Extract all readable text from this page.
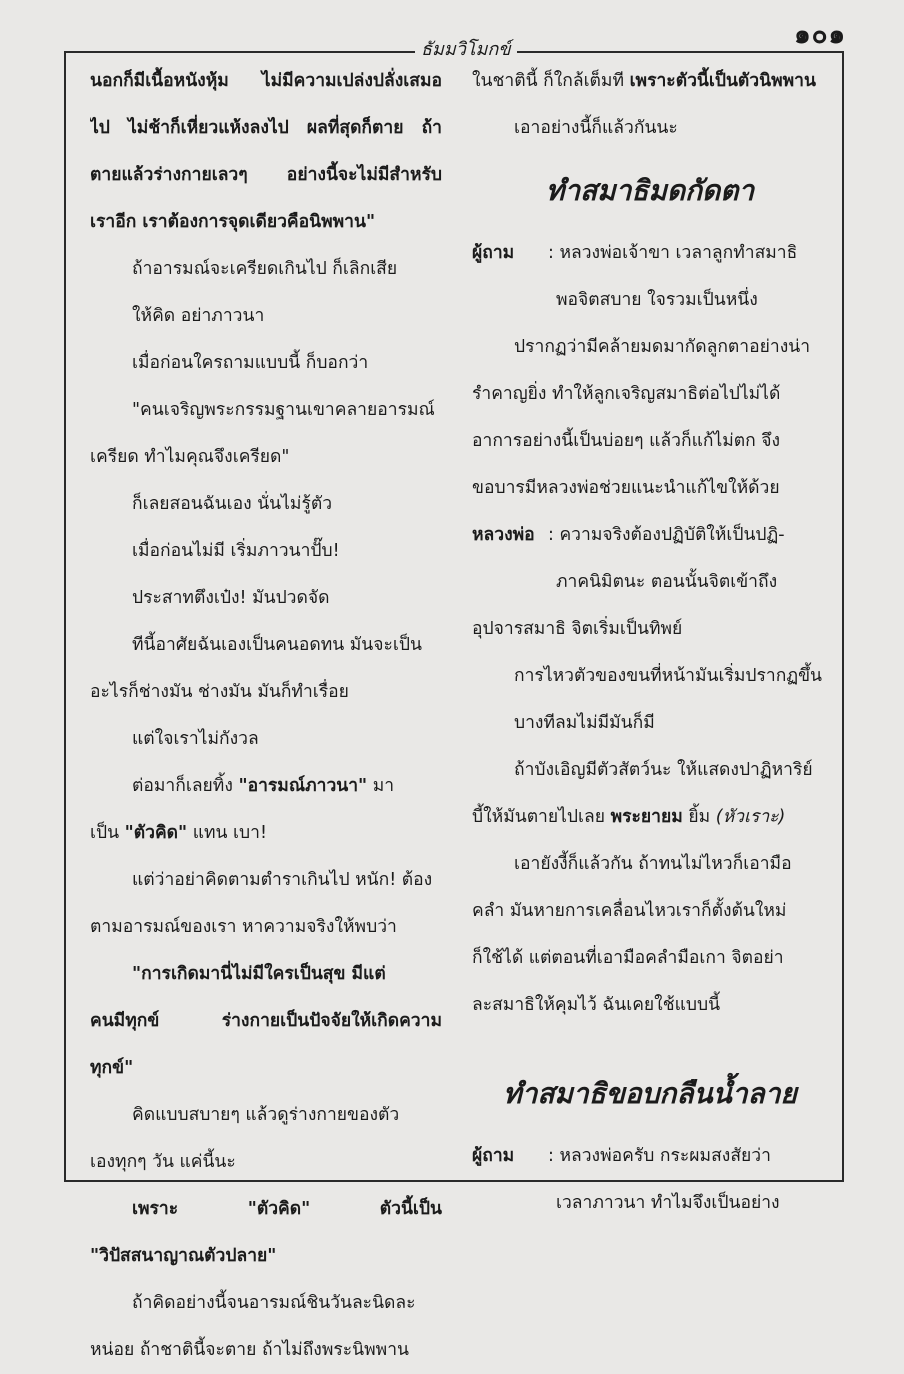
๑๐๑
ธัมมวิโมกข์
นอกก็มีเนื้อหนังหุ้ม ไม่มีความเปล่งปลั่งเสมอ
ไป ไม่ช้าก็เหี่ยวแห้งลงไป ผลที่สุดก็ตาย ถ้า
ตายแล้วร่างกายเลวๆ อย่างนี้จะไม่มีสำหรับ
เราอีก เราต้องการจุดเดียวคือนิพพาน"
ถ้าอารมณ์จะเครียดเกินไป ก็เลิกเสีย
ให้คิด อย่าภาวนา
เมื่อก่อนใครถามแบบนี้ ก็บอกว่า
"คนเจริญพระกรรมฐานเขาคลายอารมณ์
เครียด ทำไมคุณจึงเครียด"
ก็เลยสอนฉันเอง นั่นไม่รู้ตัว
เมื่อก่อนไม่มี เริ่มภาวนาปั๊บ!
ประสาทตึงเป๋ง! มันปวดจัด
ทีนี้อาศัยฉันเองเป็นคนอดทน มันจะเป็น
อะไรก็ช่างมัน ช่างมัน มันก็ทำเรื่อย
แต่ใจเราไม่กังวล
ต่อมาก็เลยทิ้ง "อารมณ์ภาวนา" มา
เป็น "ตัวคิด" แทน เบา!
แต่ว่าอย่าคิดตามตำราเกินไป หนัก! ต้อง
ตามอารมณ์ของเรา หาความจริงให้พบว่า
"การเกิดมานี่ไม่มีใครเป็นสุข มีแต่
คนมีทุกข์ ร่างกายเป็นปัจจัยให้เกิดความ
ทุกข์"
คิดแบบสบายๆ แล้วดูร่างกายของตัว
เองทุกๆ วัน แค่นี้นะ
เพราะ	"ตัวคิด"	ตัวนี้เป็น
"วิปัสสนาญาณตัวปลาย"
ถ้าคิดอย่างนี้จนอารมณ์ชินวันละนิดละ
หน่อย ถ้าชาตินี้จะตาย ถ้าไม่ถึงพระนิพพาน
ในชาตินี้ ก็ใกล้เต็มที เพราะตัวนี้เป็นตัวนิพพาน
เอาอย่างนี้ก็แล้วกันนะ
ทำสมาธิมดกัดตา
ผู้ถาม : หลวงพ่อเจ้าขา เวลาลูกทำสมาธิ
พอจิตสบาย ใจรวมเป็นหนึ่ง
ปรากฏว่ามีคล้ายมดมากัดลูกตาอย่างน่า
รำคาญยิ่ง ทำให้ลูกเจริญสมาธิต่อไปไม่ได้
อาการอย่างนี้เป็นบ่อยๆ แล้วก็แก้ไม่ตก จึง
ขอบารมีหลวงพ่อช่วยแนะนำแก้ไขให้ด้วย
หลวงพ่อ : ความจริงต้องปฏิบัติให้เป็นปฏิ-
ภาคนิมิตนะ ตอนนั้นจิตเข้าถึง
อุปจารสมาธิ จิตเริ่มเป็นทิพย์
การไหวตัวของขนที่หน้ามันเริ่มปรากฏขึ้น
บางทีลมไม่มีมันก็มี
ถ้าบังเอิญมีตัวสัตว์นะ ให้แสดงปาฏิหาริย์
บี้ให้มันตายไปเลย พระยายม ยิ้ม (หัวเราะ)
เอายังงี้ก็แล้วกัน ถ้าทนไม่ไหวก็เอามือ
คลำ มันหายการเคลื่อนไหวเราก็ตั้งต้นใหม่
ก็ใช้ได้ แต่ตอนที่เอามือคลำมือเกา จิตอย่า
ละสมาธิให้คุมไว้ ฉันเคยใช้แบบนี้
ทำสมาธิขอบกลืนน้ำลาย
ผู้ถาม : หลวงพ่อครับ กระผมสงสัยว่า
เวลาภาวนา ทำไมจึงเป็นอย่าง
